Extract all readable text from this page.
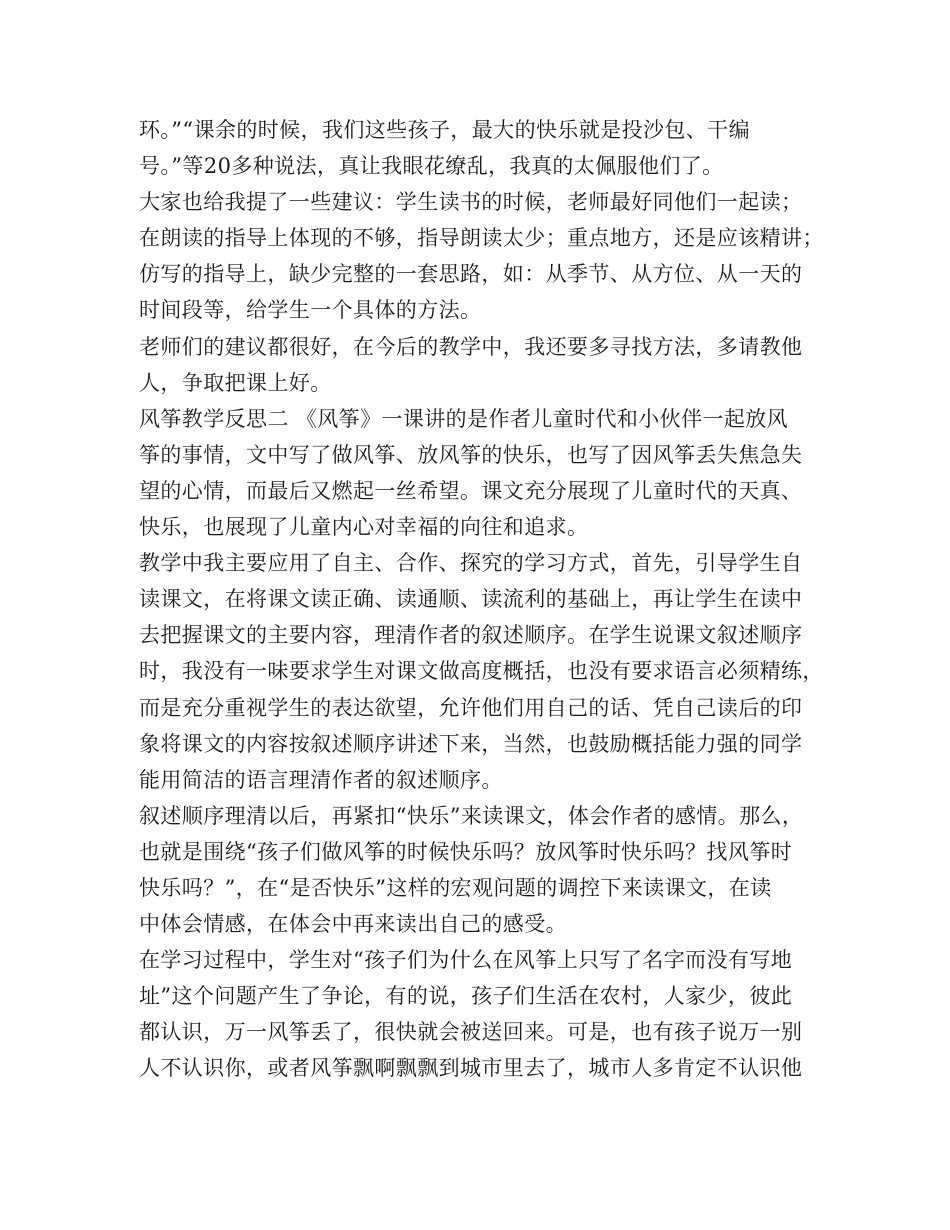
环。”“课余的时候，我们这些孩子，最大的快乐就是投沙包、干编
号。”等20多种说法，真让我眼花缭乱，我真的太佩服他们了。
大家也给我提了一些建议：学生读书的时候，老师最好同他们一起读；
在朗读的指导上体现的不够，指导朗读太少；重点地方，还是应该精讲；
仿写的指导上，缺少完整的一套思路，如：从季节、从方位、从一天的
时间段等，给学生一个具体的方法。
老师们的建议都很好，在今后的教学中，我还要多寻找方法，多请教他
人，争取把课上好。
风筝教学反思二 《风筝》一课讲的是作者儿童时代和小伙伴一起放风
筝的事情，文中写了做风筝、放风筝的快乐，也写了因风筝丢失焦急失
望的心情，而最后又燃起一丝希望。课文充分展现了儿童时代的天真、
快乐，也展现了儿童内心对幸福的向往和追求。
教学中我主要应用了自主、合作、探究的学习方式，首先，引导学生自
读课文，在将课文读正确、读通顺、读流利的基础上，再让学生在读中
去把握课文的主要内容，理清作者的叙述顺序。在学生说课文叙述顺序
时，我没有一味要求学生对课文做高度概括，也没有要求语言必须精练，
而是充分重视学生的表达欲望，允许他们用自己的话、凭自己读后的印
象将课文的内容按叙述顺序讲述下来，当然，也鼓励概括能力强的同学
能用简洁的语言理清作者的叙述顺序。
叙述顺序理清以后，再紧扣“快乐”来读课文，体会作者的感情。那么，
也就是围绕“孩子们做风筝的时候快乐吗？放风筝时快乐吗？找风筝时
快乐吗？”，在“是否快乐”这样的宏观问题的调控下来读课文，在读
中体会情感，在体会中再来读出自己的感受。
在学习过程中，学生对“孩子们为什么在风筝上只写了名字而没有写地
址”这个问题产生了争论，有的说，孩子们生活在农村，人家少，彼此
都认识，万一风筝丢了，很快就会被送回来。可是，也有孩子说万一别
人不认识你，或者风筝飘啊飘飘到城市里去了，城市人多肯定不认识他
